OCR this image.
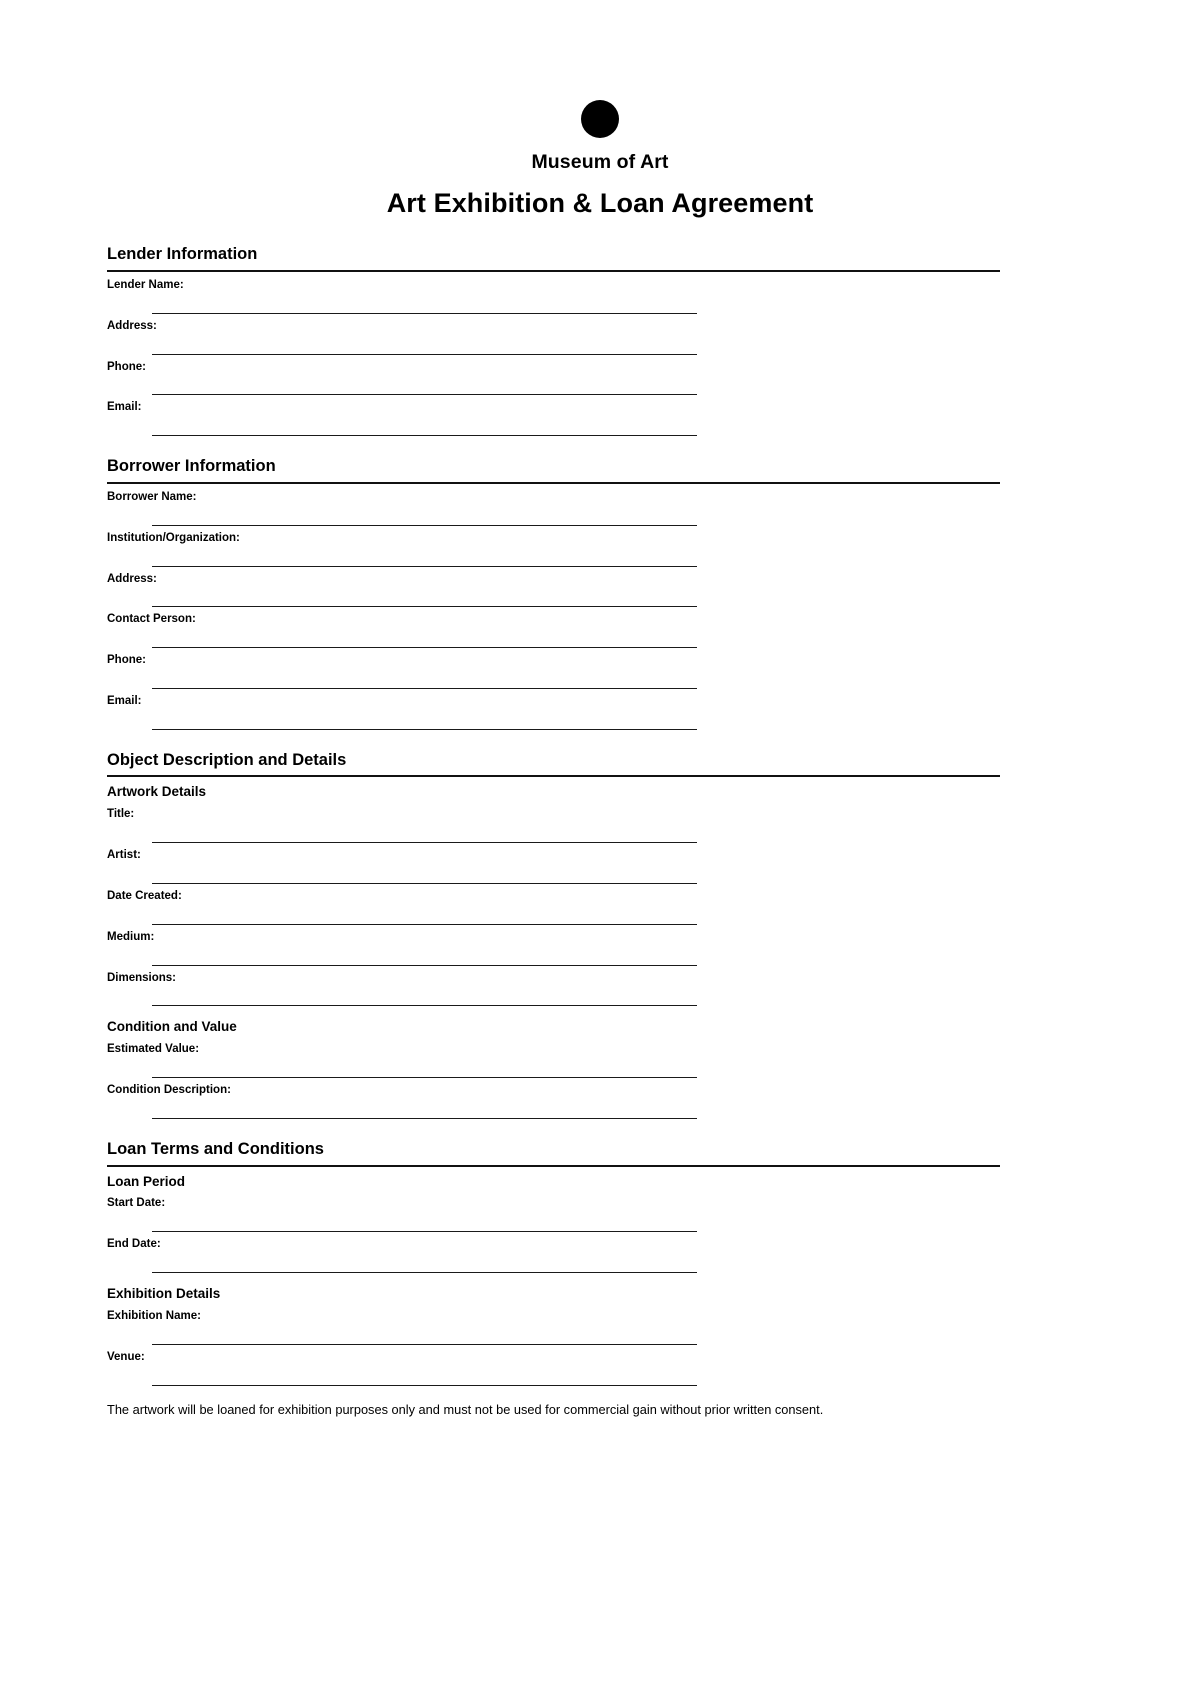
Museum of Art
Art Exhibition & Loan Agreement
Lender Information
Lender Name:
Address:
Phone:
Email:
Borrower Information
Borrower Name:
Institution/Organization:
Address:
Contact Person:
Phone:
Email:
Object Description and Details
Artwork Details
Title:
Artist:
Date Created:
Medium:
Dimensions:
Condition and Value
Estimated Value:
Condition Description:
Loan Terms and Conditions
Loan Period
Start Date:
End Date:
Exhibition Details
Exhibition Name:
Venue:

The artwork will be loaned for exhibition purposes only and must not be used for commercial gain without prior written consent.
